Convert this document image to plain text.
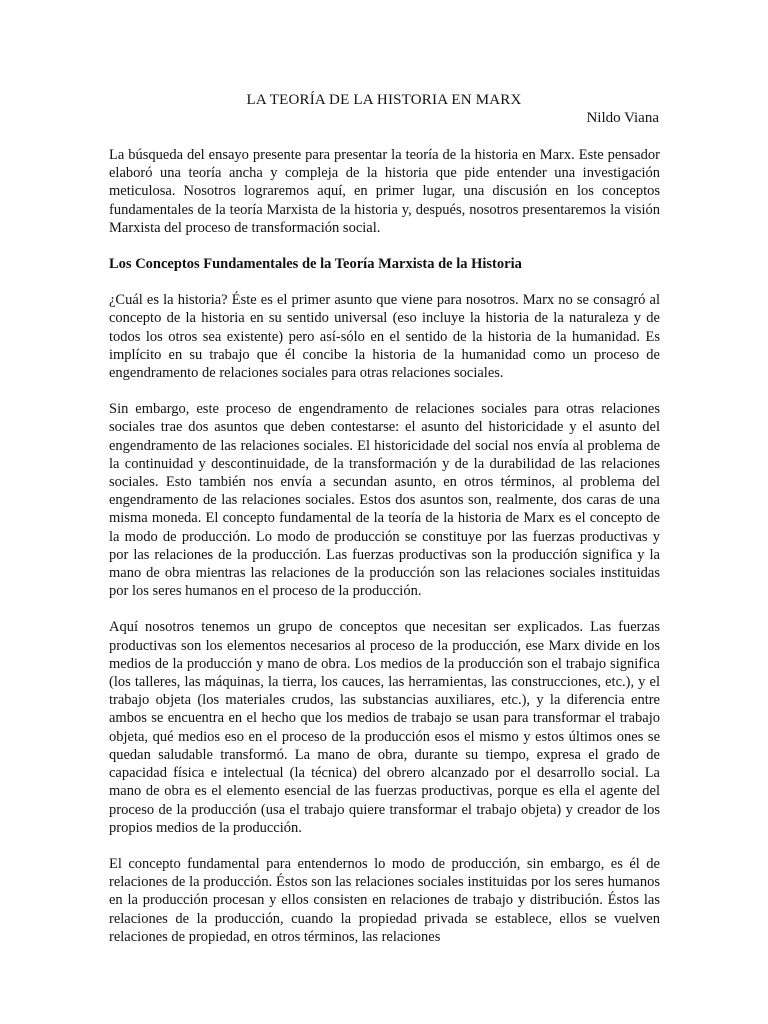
LA TEORÍA DE LA HISTORIA EN MARX
Nildo Viana

La búsqueda del ensayo presente para presentar la teoría de la historia en Marx. Este pensador elaboró una teoría ancha y compleja de la historia que pide entender una investigación meticulosa. Nosotros lograremos aquí, en primer lugar, una discusión en los conceptos fundamentales de la teoría Marxista de la historia y, después, nosotros presentaremos la visión Marxista del proceso de transformación social.

Los Conceptos Fundamentales de la Teoría Marxista de la Historia

¿Cuál es la historia? Éste es el primer asunto que viene para nosotros. Marx no se consagró al concepto de la historia en su sentido universal (eso incluye la historia de la naturaleza y de todos los otros sea existente) pero así-sólo en el sentido de la historia de la humanidad. Es implícito en su trabajo que él concibe la historia de la humanidad como un proceso de engendramento de relaciones sociales para otras relaciones sociales.

Sin embargo, este proceso de engendramento de relaciones sociales para otras relaciones sociales trae dos asuntos que deben contestarse: el asunto del historicidade y el asunto del engendramento de las relaciones sociales. El historicidade del social nos envía al problema de la continuidad y descontinuidade, de la transformación y de la durabilidad de las relaciones sociales. Esto también nos envía a secundan asunto, en otros términos, al problema del engendramento de las relaciones sociales. Estos dos asuntos son, realmente, dos caras de una misma moneda. El concepto fundamental de la teoría de la historia de Marx es el concepto de la modo de producción. Lo modo de producción se constituye por las fuerzas productivas y por las relaciones de la producción. Las fuerzas productivas son la producción significa y la mano de obra mientras las relaciones de la producción son las relaciones sociales instituidas por los seres humanos en el proceso de la producción.

Aquí nosotros tenemos un grupo de conceptos que necesitan ser explicados. Las fuerzas productivas son los elementos necesarios al proceso de la producción, ese Marx divide en los medios de la producción y mano de obra. Los medios de la producción son el trabajo significa (los talleres, las máquinas, la tierra, los cauces, las herramientas, las construcciones, etc.), y el trabajo objeta (los materiales crudos, las substancias auxiliares, etc.), y la diferencia entre ambos se encuentra en el hecho que los medios de trabajo se usan para transformar el trabajo objeta, qué medios eso en el proceso de la producción esos el mismo y estos últimos ones se quedan saludable transformó. La mano de obra, durante su tiempo, expresa el grado de capacidad física e intelectual (la técnica) del obrero alcanzado por el desarrollo social. La mano de obra es el elemento esencial de las fuerzas productivas, porque es ella el agente del proceso de la producción (usa el trabajo quiere transformar el trabajo objeta) y creador de los propios medios de la producción.

El concepto fundamental para entendernos lo modo de producción, sin embargo, es él de relaciones de la producción. Éstos son las relaciones sociales instituidas por los seres humanos en la producción procesan y ellos consisten en relaciones de trabajo y distribución. Éstos las relaciones de la producción, cuando la propiedad privada se establece, ellos se vuelven relaciones de propiedad, en otros términos, las relaciones
